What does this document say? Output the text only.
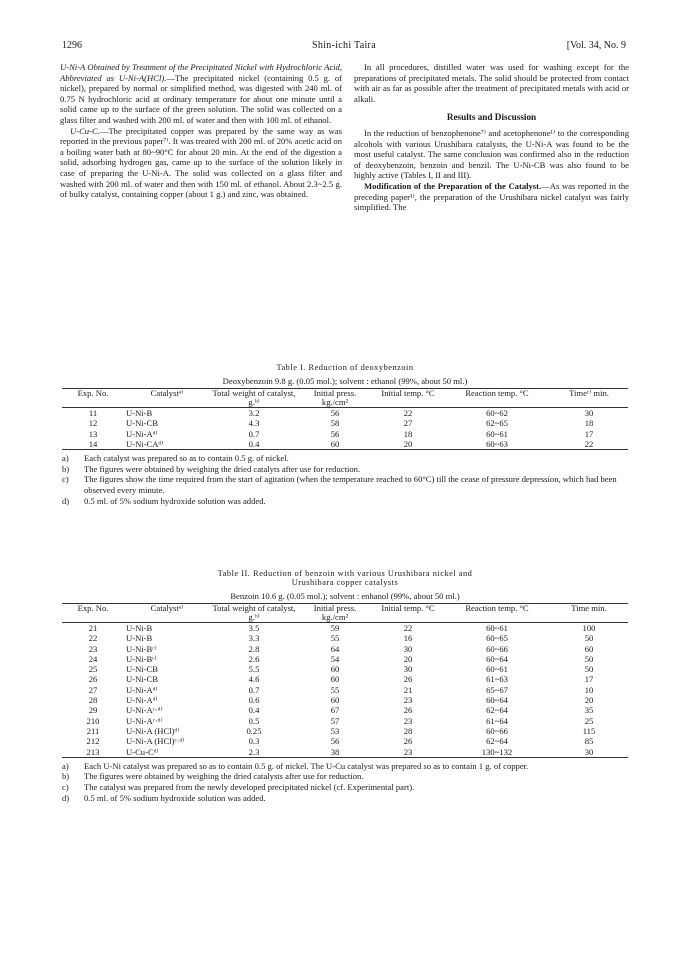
1296	Shin-ichi Taira	[Vol. 34, No. 9

U-Ni-A Obtained by Treatment of the Precipitated Nickel with Hydrochloric Acid, Abbreviated as U-Ni-A(HCl).—The precipitated nickel (containing 0.5 g. of nickel), prepared by normal or simplified method, was digested with 240 ml. of 0.75 N hydrochloric acid at ordinary temperature for about one minute until a solid came up to the surface of the green solution. The solid was collected on a glass filter and washed with 200 ml. of water and then with 100 ml. of ethanol.

U-Cu-C.—The precipitated copper was prepared by the same way as was reported in the previous paper⁷⁾. It was treated with 200 ml. of 20% acetic acid on a boiling water bath at 80~90°C for about 20 min. At the end of the digestion a solid, adsorbing hydrogen gas, came up to the surface of the solution likely in case of preparing the U-Ni-A. The solid was collected on a glass filter and washed with 200 ml. of water and then with 150 ml. of ethanol. About 2.3~2.5 g. of bulky catalyst, containing copper (about 1 g.) and zinc, was obtained.

In all procedures, distilled water was used for washing except for the preparations of precipitated metals. The solid should be protected from contact with air as far as possible after the treatment of precipitated metals with acid or alkali.

Results and Discussion

In the reduction of benzophenone⁷⁾ and acetophenone¹⁾ to the corresponding alcohols with various Urushibara catalysts, the U-Ni-A was found to be the most useful catalyst. The same conclusion was confirmed also in the reduction of deoxybenzoin, benzoin and benzil. The U-Ni-CB was also found to be highly active (Tables I, II and III).

Modification of the Preparation of the Catalyst.—As was reported in the preceding paper¹⁾, the preparation of the Urushibara nickel catalyst was fairly simplified. The

Table I. Reduction of deoxybenzoin
Deoxybenzoin 9.8 g. (0.05 mol.); solvent : ethanol (99%, about 50 ml.)
Exp. No.	Catalystᵃ⁾	Total weight of catalyst, g.ᵇ⁾	Initial press. kg./cm²	Initial temp. °C	Reaction temp. °C	Timeᶜ⁾ min.
11	U-Ni-B	3.2	56	22	60~62	30
12	U-Ni-CB	4.3	58	27	62~65	18
13	U-Ni-Aᵈ⁾	0.7	56	18	60~61	17
14	U-Ni-CAᵈ⁾	0.4	60	20	60~63	22
a)	Each catalyst was prepared so as to contain 0.5 g. of nickel.
b)	The figures were obtained by weighing the dried catalyts after use for reduction.
c)	The figures show the time required from the start of agitation (when the temperature reached to 60°C) till the cease of pressure depression, which had been observed every minute.
d)	0.5 ml. of 5% sodium hydroxide solution was added.
Table II. Reduction of benzoin with various Urushibara nickel and
Urushibara copper catalysts
Benzoin 10.6 g. (0.05 mol.); solvent : enhanol (99%, about 50 ml.)
Exp. No.	Catalystᵃ⁾	Total weight of catalyst, g.ᵇ⁾	Initial press. kg./cm²	Initial temp. °C	Reaction temp. °C	Time min.
21	U-Ni-B	3.5	59	22	60~61	100
22	U-Ni-B	3.3	55	16	60~65	50
23	U-Ni-Bᶜ⁾	2.8	64	30	60~66	60
24	U-Ni-Bᶜ⁾	2.6	54	20	60~64	50
25	U-Ni-CB	5.5	60	30	60~61	50
26	U-Ni-CB	4.6	60	26	61~63	17
27	U-Ni-Aᵈ⁾	0.7	55	21	65~67	10
28	U-Ni-Aᵈ⁾	0.6	60	23	60~64	20
29	U-Ni-Aᶜ·ᵈ⁾	0.4	67	26	62~64	35
210	U-Ni-Aᶜ·ᵈ⁾	0.5	57	23	61~64	25
211	U-Ni-A (HCl)ᵈ⁾	0.25	53	28	60~66	115
212	U-Ni-A (HCl)ᶜ·ᵈ⁾	0.3	56	26	62~64	85
213	U-Cu-Cᵈ⁾	2.3	38	23	130~132	30
a)	Each U-Ni catalyst was prepared so as to contain 0.5 g. of nickel. The U-Cu catalyst was prepared so as to contain 1 g. of copper.
b)	The figures were obtained by weighing the dried catalysts after use for reduction.
c)	The catalyst was prepared from the newly developed precipitated nickel (cf. Experimental part).
d)	0.5 ml. of 5% sodium hydroxide solution was added.
